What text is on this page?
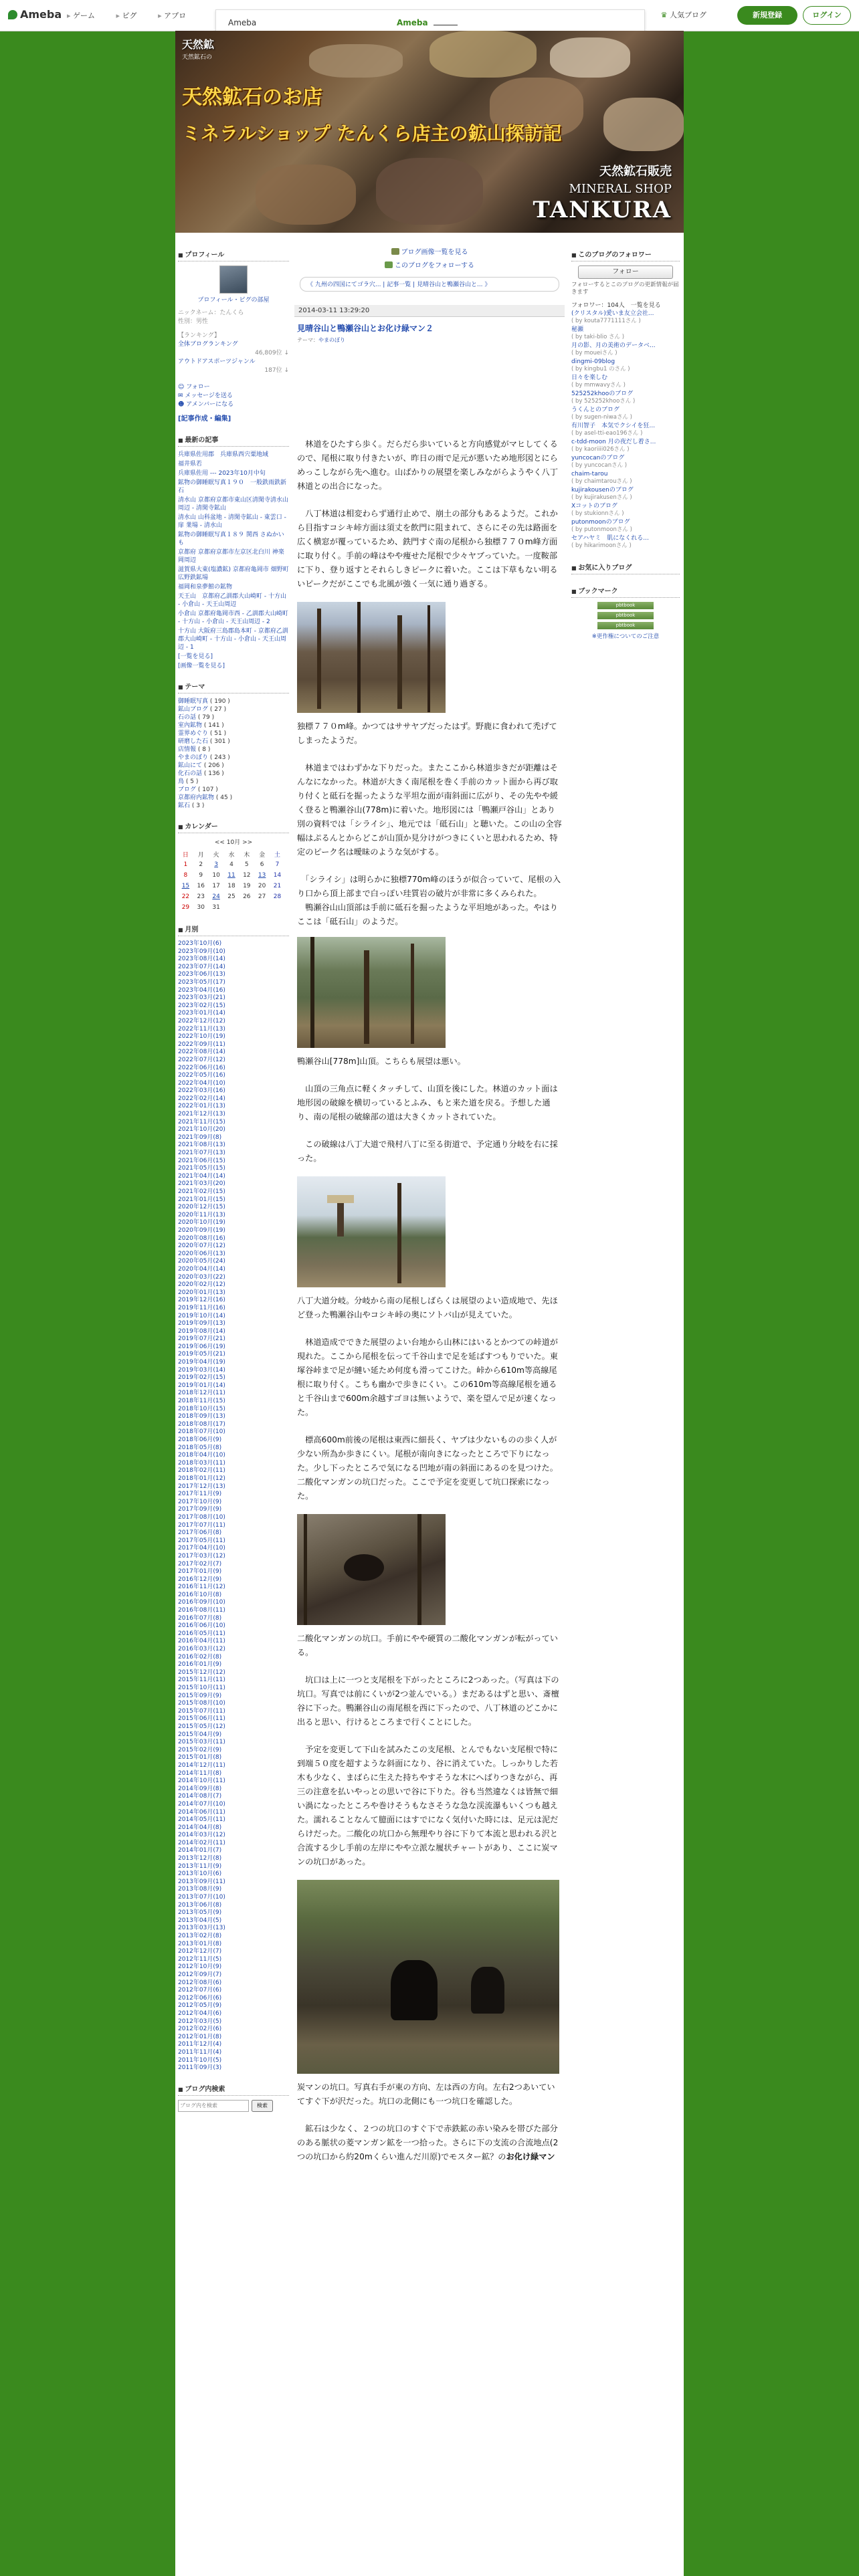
Ameba	▸ ゲーム	▸ ピグ	▸ アプロ	♛ 人気ブログ	新規登録	ログイン
Ameba	Ameba
天然鉱
天然鉱石の
天然鉱石のお店
ミネラルショップ たんくら店主の鉱山探訪記
天然鉱石販売
MINERAL SHOP
TANKURA
■ プロフィール
プロフィール・ピグの部屋
ニックネーム：たんくら
性別：男性
【ランキング】
全体ブログランキング
46,809位 ↓
アウトドアスポーツジャンル
187位 ↓
☺ フォロー
✉ メッセージを送る
☻ アメンバーになる
[記事作成・編集]
■ 最新の記事
兵庫県佐用郡　兵庫県西宍粟地域
福井県若
兵庫県佐用 --- 2023年10月中旬
鉱物の御睡眠写真１９０　一般鉄雨鉄新石
清水山 京都府京都市東山区清閑寺清水山周辺 - 清閑寺鉱山
清水山 山科盆地 - 清閑寺鉱山 - 東雲口 - 扉 業場 - 清水山
鉱物の御睡眠写真１８９ 関西 さぬかいも
京都府 京都府京都市左京区北白川 神楽岡周辺
滋賀県大東(塩濃鉱) 京都府亀岡市 畑野町広野鉄鉱場
福岡和泉夢館の鉱物
天王山　京都府乙訓郡大山崎町 - 十方山 - 小倉山 - 天王山周辺
小倉山 京都府亀岡市西 - 乙訓郡大山崎町 - 十方山 - 小倉山 - 天王山周辺 - 2
十方山 大阪府三島郡島本町 - 京都府乙訓郡大山崎町 - 十方山 - 小倉山 - 天王山周辺 - 1
[一覧を見る]
[画像一覧を見る]
■ テーマ
御睡眠写真 ( 190 )
鉱山ブログ ( 27 )
石の話 ( 79 )
室內鉱物 ( 141 )
霊界めぐり ( 51 )
研磨した石 ( 301 )
店情報 ( 8 )
やまのぼり ( 243 )
鉱山にて ( 206 )
化石の話 ( 136 )
鳥 ( 5 )
ブログ ( 107 )
京都府内鉱物 ( 45 )
鉱石 ( 3 )
■ カレンダー
<< 10月 >>
日	月	火	水	木	金	土
1	2	3	4	5	6	7
8	9	10	11	12	13	14
15	16	17	18	19	20	21
22	23	24	25	26	27	28
29	30	31				
■ 月別
2023年10月(6)
2023年09月(10)
2023年08月(14)
2023年07月(14)
2023年06月(13)
2023年05月(17)
2023年04月(16)
2023年03月(21)
2023年02月(15)
2023年01月(14)
2022年12月(12)
2022年11月(13)
2022年10月(19)
2022年09月(11)
2022年08月(14)
2022年07月(12)
2022年06月(16)
2022年05月(16)
2022年04月(10)
2022年03月(16)
2022年02月(14)
2022年01月(13)
2021年12月(13)
2021年11月(15)
2021年10月(20)
2021年09月(8)
2021年08月(13)
2021年07月(13)
2021年06月(15)
2021年05月(15)
2021年04月(14)
2021年03月(20)
2021年02月(15)
2021年01月(15)
2020年12月(15)
2020年11月(13)
2020年10月(19)
2020年09月(19)
2020年08月(16)
2020年07月(12)
2020年06月(13)
2020年05月(24)
2020年04月(14)
2020年03月(22)
2020年02月(12)
2020年01月(13)
2019年12月(16)
2019年11月(16)
2019年10月(14)
2019年09月(13)
2019年08月(14)
2019年07月(21)
2019年06月(19)
2019年05月(21)
2019年04月(19)
2019年03月(14)
2019年02月(15)
2019年01月(14)
2018年12月(11)
2018年11月(15)
2018年10月(15)
2018年09月(13)
2018年08月(17)
2018年07月(10)
2018年06月(9)
2018年05月(8)
2018年04月(10)
2018年03月(11)
2018年02月(11)
2018年01月(12)
2017年12月(13)
2017年11月(9)
2017年10月(9)
2017年09月(9)
2017年08月(10)
2017年07月(11)
2017年06月(8)
2017年05月(11)
2017年04月(10)
2017年03月(12)
2017年02月(7)
2017年01月(9)
2016年12月(9)
2016年11月(12)
2016年10月(8)
2016年09月(10)
2016年08月(11)
2016年07月(8)
2016年06月(10)
2016年05月(11)
2016年04月(11)
2016年03月(12)
2016年02月(8)
2016年01月(9)
2015年12月(12)
2015年11月(11)
2015年10月(11)
2015年09月(9)
2015年08月(10)
2015年07月(11)
2015年06月(11)
2015年05月(12)
2015年04月(9)
2015年03月(11)
2015年02月(9)
2015年01月(8)
2014年12月(11)
2014年11月(8)
2014年10月(11)
2014年09月(8)
2014年08月(7)
2014年07月(10)
2014年06月(11)
2014年05月(11)
2014年04月(8)
2014年03月(12)
2014年02月(11)
2014年01月(7)
2013年12月(8)
2013年11月(9)
2013年10月(6)
2013年09月(11)
2013年08月(9)
2013年07月(10)
2013年06月(8)
2013年05月(9)
2013年04月(5)
2013年03月(13)
2013年02月(8)
2013年01月(8)
2012年12月(7)
2012年11月(5)
2012年10月(9)
2012年09月(7)
2012年08月(6)
2012年07月(6)
2012年06月(6)
2012年05月(9)
2012年04月(6)
2012年03月(5)
2012年02月(6)
2012年01月(8)
2011年12月(4)
2011年11月(4)
2011年10月(5)
2011年09月(3)
■ ブログ内検索
ブログ内を検索
検索
ブログ画像一覧を見る
このブログをフォローする
《 九州の四国にてゴラ穴... | 記事一覧 | 見晴谷山と鴨瀬谷山と... 》
2014-03-11 13:29:20
見晴谷山と鴨瀬谷山とお化け緑マン２
テーマ：やまのぼり

　林道をひたすら歩く。だらだら歩いていると方向感覚がマヒしてくるので、尾根に取り付きたいが、昨日の雨で足元が悪いため地形図とにらめっこしながら先へ進む。山ばかりの展望を楽しみながらようやく八丁林道との出合になった。

　八丁林道は相変わらず通行止めで、崩土の部分もあるようだ。これから目指すコシキ峠方面は須丈を飲門に阻まれて、さらにその先は路面を広く横窓が覆っているため、鉄門すぐ南の尾根から独標７７０m峰方面に取り付く。手前の峰はやや痩せた尾根で少々ヤブっていた。一度鞍部に下り、登り返すとそれらしきピークに着いた。ここは下草もない明るいピークだがここでも北風が強く一気に通り過ぎる。

独標７７０m峰。かつてはササヤブだったはず。野鹿に食われて禿げてしまったようだ。

　林道まではわずかな下りだった。またここから林道歩きだが距離はそんなになかった。林道が大きく南尾根を巻く手前のカット面から再び取り付くと砥石を掘ったような平坦な面が南斜面に広がり、その先やや緩く登ると鴨瀬谷山(778m)に着いた。地形図には「鴨瀬戸谷山」とあり別の資料では「シライシ」、地元では「砥石山」と聴いた。この山の全容幅はぷるんとからどこが山頂か見分けがつきにくいと思われるため、特定のピーク名は曖昧のような気がする。

　「シライシ」は明らかに独標770m峰のほうが似合っていて、尾根の入り口から頂上部まで白っぽい珪質岩の破片が非常に多くみられた。

　鴨瀬谷山山頂部は手前に砥石を掘ったような平坦地があった。やはりここは「砥石山」のようだ。

鴨瀬谷山[778m]山頂。こちらも展望は悪い。

　山頂の三角点に軽くタッチして、山頂を後にした。林道のカット面は地形図の破線を横切っているとふみ、もと来た道を戻る。予想した通り、南の尾根の破線部の道は大きくカットされていた。

　この破線は八丁大道で飛村八丁に至る街道で、予定通り分岐を右に採った。

八丁大道分岐。分岐から南の尾根しばらくは展望のよい造成地で、先ほど登った鴨瀬谷山やコシキ峠の奥にソトバ山が見えていた。

　林道造成でできた展望のよい台地から山林にはいるとかつての峠道が現れた。ここから尾根を伝って千谷山まで足を延ばすつもりでいた。東塚谷峠まで足が縺い延ため何度も滑ってこけた。峠から610m等高線尾根に取り付く。こちも幽かで歩きにくい。この610m等高線尾根を通ると千谷山まで600m余越すゴヨは無いようで、楽を望んで足が速くなった。

　標高600m前後の尾根は東西に細長く、ヤブは少ないものの歩く人が少ない所為か歩きにくい。尾根が南向きになったところで下りになった。少し下ったところで気になる凹地が南の斜面にあるのを見つけた。二酸化マンガンの坑口だった。ここで予定を変更して坑口探索になった。

二酸化マンガンの坑口。手前にやや硬質の二酸化マンガンが転がっている。

　坑口は上に一つと支尾根を下がったところに2つあった。（写真は下の坑口。写真では前にくいが2つ並んでいる。）まだあるはずと思い、斎檀谷に下った。鴨瀬谷山の南尾根を西に下ったので、八丁林道のどこかに出ると思い、行けるところまで行くことにした。

　予定を変更して下山を試みたこの支尾根、とんでもない支尾根で特に到端５０度を超すような斜面になり、谷に消えていた。しっかりした若木も少なく、まばらに生えた持ちやすそうな木にへばりつきながら、再三の注意を払いやっとの思いで谷に下りた。谷も当然違なくは皆無で細い渦になったところや巻けそうもなさそうな急な渓流瀑もいくつも越えた。濡れることなんて臆面にはすでになく気付いた時には、足元は泥だらけだった。二酸化の坑口から無理やり谷に下りて本流と思われる沢と合流する少し手前の左岸にやや立派な履状チャートがあり、ここに炭マンの坑口があった。

炭マンの坑口。写真右手が東の方向、左は西の方向。左右2つあいていてすぐ下が沢だった。坑口の北側にも一つ坑口を確認した。

　鉱石は少なく、２つの坑口のすぐ下で赤鉄鉱の赤い染みを帯びた部分のある脈状の菱マンガン鉱を一つ拾った。さらに下の支流の合流地点(2つの坑口から約20mくらい進んだ川原)でモスター鉱？のお化け緑マン

■ このブログのフォロワー
フォロー
フォローするとこのブログの更新情報が届きます
フォロワー：104人　一覧を見る
(クリスタル)愛いま友立会社...
( by kouta7771111さん )
秘瀬
( by taki-blio さん )
月の影、月の美術のデータベ...
( by moueiさん )
dingmi-09blog
( by kingbu1 のさん )
日々を楽しむ
( by mmwavyさん )
525252khooのブログ
( by 525252khooさん )
うくんとのブログ
( by sugen-niwaさん )
有川智子　本気でクシイを狂...
( by asel-tti-eao196さん )
c-tdd-moon 月の夜だし着さ...
( by kaoriiii026さん )
yuncocanのブログ
( by yuncocanさん )
chaim-tarou
( by chaimtarouさん )
kujirakousenのブログ
( by kujirakusenさん )
Xコットのブログ
( by stukionnさん )
putonmoonのブログ
( by putonmoonさん )
セアハヤミ　肌になくれる...
( by hikarimoonさん )
■ お気に入りブログ
■ ブックマーク
pbtbook
pbtbook
pbtbook
※更作権についてのご注意
